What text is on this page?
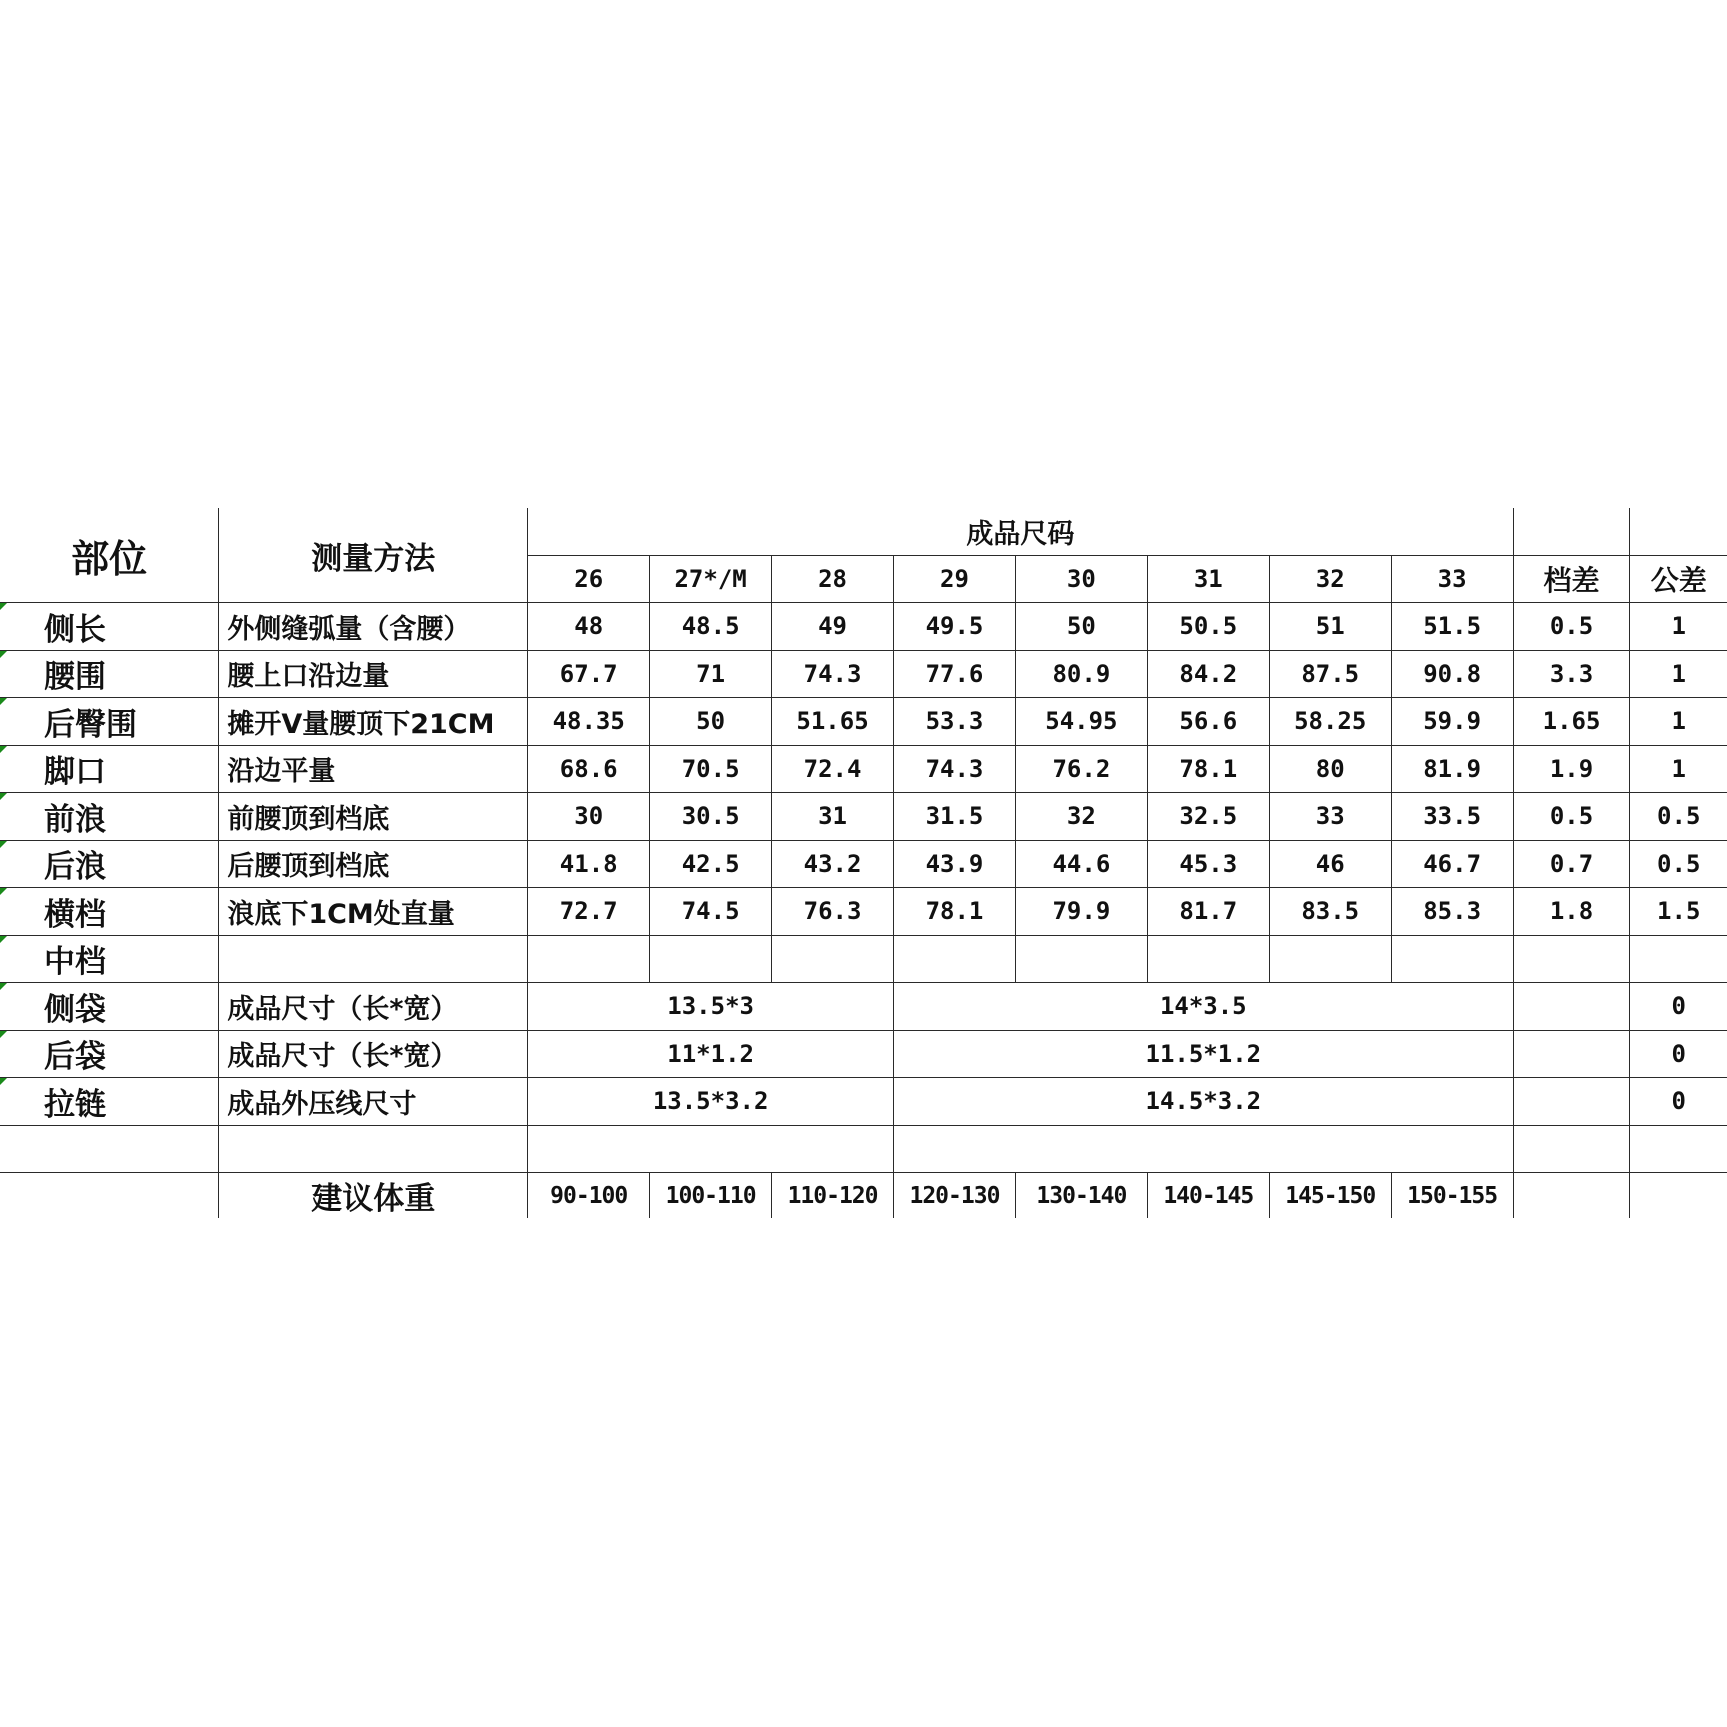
部位	测量方法	成品尺码									
		26	27*/M	28	29	30	31	32	33	档差	公差

侧长	外侧缝弧量（含腰）	48	48.5	49	49.5	50	50.5	51	51.5	0.5	1

腰围	腰上口沿边量	67.7	71	74.3	77.6	80.9	84.2	87.5	90.8	3.3	1

后臀围	摊开V量腰顶下21CM	48.35	50	51.65	53.3	54.95	56.6	58.25	59.9	1.65	1

脚口	沿边平量	68.6	70.5	72.4	74.3	76.2	78.1	80	81.9	1.9	1

前浪	前腰顶到档底	30	30.5	31	31.5	32	32.5	33	33.5	0.5	0.5

后浪	后腰顶到档底	41.8	42.5	43.2	43.9	44.6	45.3	46	46.7	0.7	0.5

横档	浪底下1CM处直量	72.7	74.5	76.3	78.1	79.9	81.7	83.5	85.3	1.8	1.5

中档											

侧袋	成品尺寸（长*宽）	13.5*3			14*3.5						0

后袋	成品尺寸（长*宽）	11*1.2			11.5*1.2						0

拉链	成品外压线尺寸	13.5*3.2			14.5*3.2						0

	建议体重	90-100	100-110	110-120	120-130	130-140	140-145	145-150	150-155		
